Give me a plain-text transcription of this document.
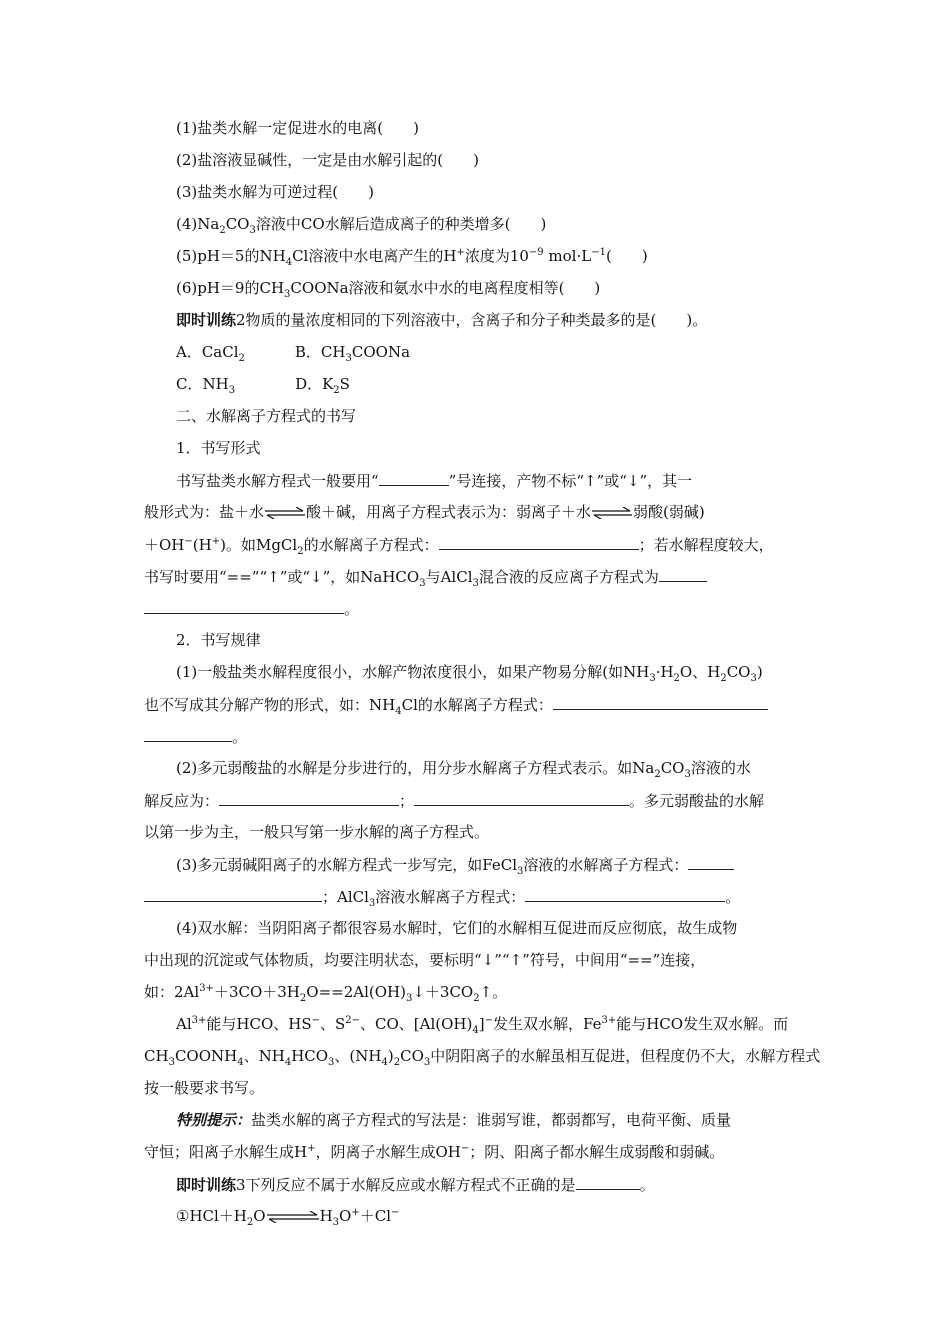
(1)盐类水解一定促进水的电离(　　)
(2)盐溶液显碱性，一定是由水解引起的(　　)
(3)盐类水解为可逆过程(　　)
$(4)Na_2CO_3$溶液中CO水解后造成离子的种类增多(　　)
(5)pH＝5的$NH_4Cl$溶液中水电离产生的H+浓度为$10^{-9}$ $mol\cdot L^{-1}$(　　)
(6)pH＝9的$CH_3COONa$溶液和氨水中水的电离程度相等(　　)
即时训练2物质的量浓度相同的下列溶液中，含离子和分子种类最多的是(　　)。
A．CaCl$_2$	B．$CH_3COONa$
C．$NH_3$	D．$K_2S$
二、水解离子方程式的书写
1．书写形式
书写盐类水解方程式一般要用“	”号连接，产物不标“↑”或“↓”，其一
般形式为：盐＋水⇌酸＋碱，用离子方程式表示为：弱离子＋水⇌弱酸(弱碱)
＋OH−(H+)。如MgCl$_2$的水解离子方程式：	；若水解程度较大，
书写时要用“==”“↑”或“↓”，如NaHCO$_3$与AlCl$_3$混合液的反应离子方程式为
。
2．书写规律
(1)一般盐类水解程度很小，水解产物浓度很小，如果产物易分解(如$NH_3\cdot H_2O$、$H_2CO_3$)
也不写成其分解产物的形式，如：$NH_4Cl$的水解离子方程式：
。
(2)多元弱酸盐的水解是分步进行的，用分步水解离子方程式表示。如$Na_2CO_3$溶液的水
解反应为：	；	。多元弱酸盐的水解
以第一步为主，一般只写第一步水解的离子方程式。
(3)多元弱碱阳离子的水解方程式一步写完，如FeCl$_3$溶液的水解离子方程式：
；AlCl$_3$溶液水解离子方程式：	。
(4)双水解：当阴阳离子都很容易水解时，它们的水解相互促进而反应彻底，故生成物
中出现的沉淀或气体物质，均要注明状态，要标明“↓”“↑”符号，中间用“==”连接，
如：$2Al^{3+}+3CO+3H_2O==2Al(OH)_3↓+3CO_2↑$。
$Al^{3+}$能与HCO、HS−、$S^{2-}$、CO、$[Al(OH)_4]^-$发生双水解，$Fe^{3+}$能与HCO发生双水解。而
$CH_3COONH_4$、$NH_4HCO_3$、$(NH_4)_2CO_3$中阴阳离子的水解虽相互促进，但程度仍不大，水解方程式
按一般要求书写。
特别提示：盐类水解的离子方程式的写法是：谁弱写谁，都弱都写，电荷平衡、质量
守恒；阳离子水解生成H+，阴离子水解生成OH−；阴、阳离子都水解生成弱酸和弱碱。
即时训练3下列反应不属于水解反应或水解方程式不正确的是	。
$①HCl+H_2O\rightleftharpoons H_3O^++Cl^-$
